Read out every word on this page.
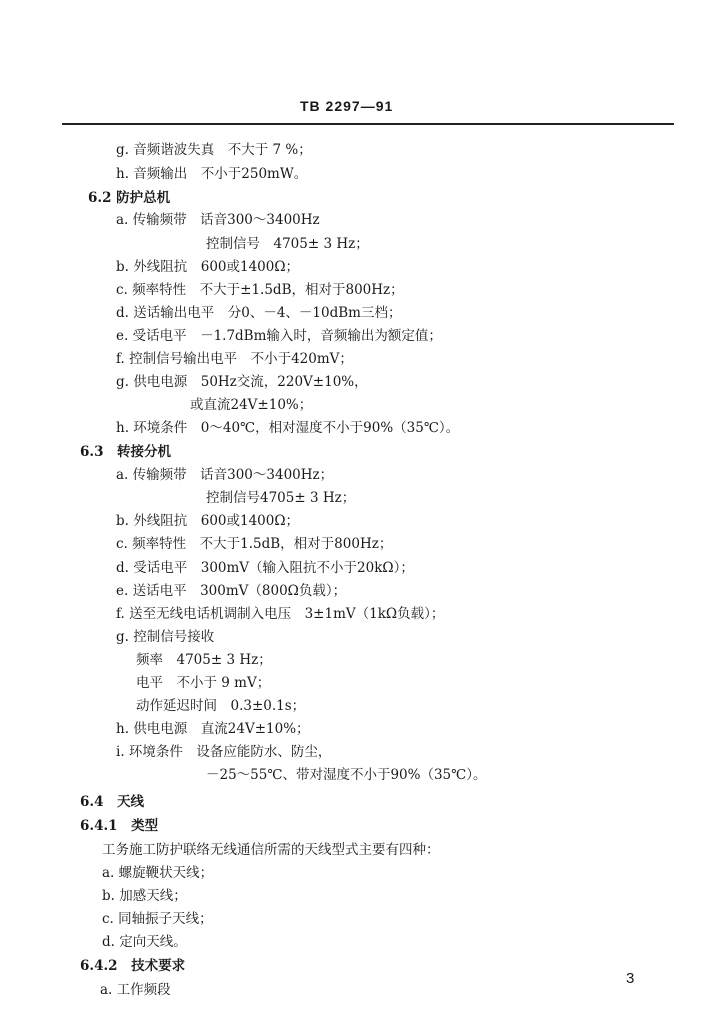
TB 2297—91
g. 音频谐波失真　不大于 7 %；
h. 音频输出　不小于250mW。
6.2 防护总机
a. 传输频带　话音300～3400Hz
控制信号　4705± 3 Hz；
b. 外线阻抗　600或1400Ω；
c. 频率特性　不大于±1.5dB，相对于800Hz；
d. 送话输出电平　分0、－4、－10dBm三档；
e. 受话电平　－1.7dBm输入时，音频输出为额定值；
f. 控制信号输出电平　不小于420mV；
g. 供电电源　50Hz交流，220V±10%，
或直流24V±10%；
h. 环境条件　0～40℃，相对湿度不小于90%（35℃）。
6.3　转接分机
a. 传输频带　话音300～3400Hz；
控制信号4705± 3 Hz；
b. 外线阻抗　600或1400Ω；
c. 频率特性　不大于1.5dB，相对于800Hz；
d. 受话电平　300mV（输入阻抗不小于20kΩ）；
e. 送话电平　300mV（800Ω负载）；
f. 送至无线电话机调制入电压　3±1mV（1kΩ负载）；
g. 控制信号接收
频率　4705± 3 Hz；
电平　不小于 9 mV；
动作延迟时间　0.3±0.1s；
h. 供电电源　直流24V±10%；
i. 环境条件　设备应能防水、防尘，
－25～55℃、带对湿度不小于90%（35℃）。
6.4　天线
6.4.1　类型
工务施工防护联络无线通信所需的天线型式主要有四种：
a. 螺旋鞭状天线；
b. 加感天线；
c. 同轴振子天线；
d. 定向天线。
6.4.2　技术要求
a. 工作频段
3
